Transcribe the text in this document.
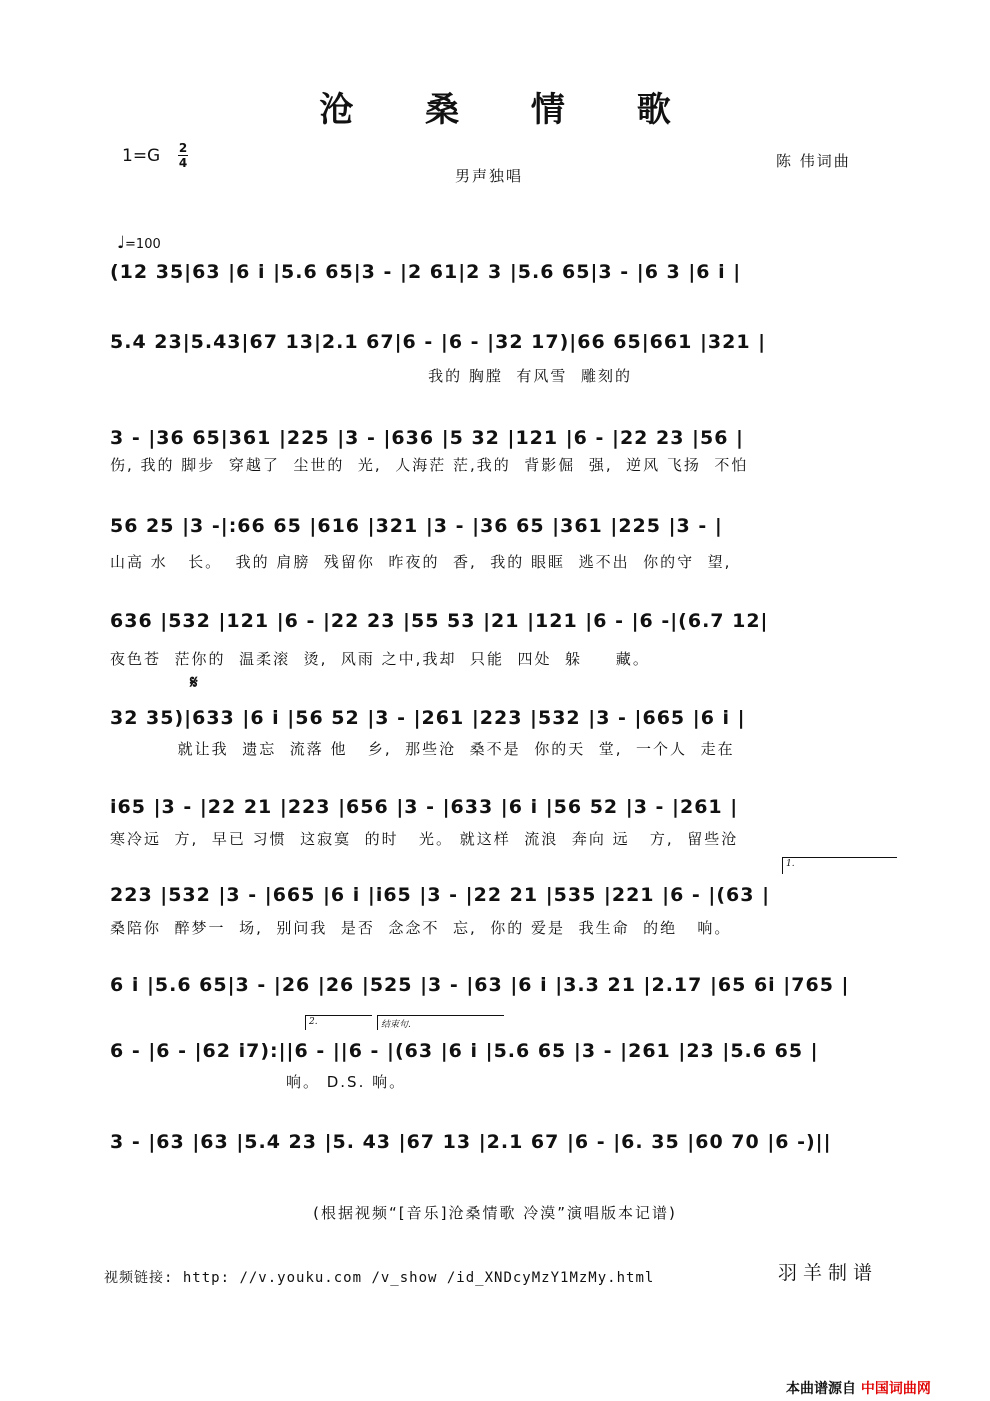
沧 桑 情 歌
1=G 2
4
男声独唱
陈 伟词曲
♩=100
𝄋
(12 35|63 |6 i |5.6 65|3 - |2 61|2 3 |5.6 65|3 - |6 3 |6 i |
5.4 23|5.43|67 13|2.1 67|6 - |6 - |32 17)|66 65|661 |321 |
我的 胸膛  有风雪  雕刻的
3 - |36 65|361 |225 |3 - |636 |5 32 |121 |6 - |22 23 |56 |
伤, 我的 脚步  穿越了  尘世的  光,  人海茫 茫,我的  背影倔  强,  逆风 飞扬  不怕
56 25 |3 -|:66 65 |616 |321 |3 - |36 65 |361 |225 |3 - |
山高 水   长。  我的 肩膀  残留你  昨夜的  香,  我的 眼眶  逃不出  你的守  望,
636 |532 |121 |6 - |22 23 |55 53 |21 |121 |6 - |6 -|(6.7 12|
夜色苍  茫你的  温柔滚  烫,  风雨 之中,我却  只能  四处  躲     藏。
32 35)|633 |6 i |56 52 |3 - |261 |223 |532 |3 - |665 |6 i |
就让我  遗忘  流落 他   乡,  那些沧  桑不是  你的天  堂,  一个人  走在
i65 |3 - |22 21 |223 |656 |3 - |633 |6 i |56 52 |3 - |261 |
寒冷远  方,  早已 习惯  这寂寞  的时   光。 就这样  流浪  奔向 远   方,  留些沧
1.
223 |532 |3 - |665 |6 i |i65 |3 - |22 21 |535 |221 |6 - |(63 |
桑陪你  醉梦一  场,  别问我  是否  念念不  忘,  你的 爱是  我生命  的绝   响。
6 i |5.6 65|3 - |26 |26 |525 |3 - |63 |6 i |3.3 21 |2.17 |65 6i |765 |
2.	结束句.
6 - |6 - |62 i7):||6 - ||6 - |(63 |6 i |5.6 65 |3 - |261 |23 |5.6 65 |
响。 D.S. 响。
3 - |63 |63 |5.4 23 |5. 43 |67 13 |2.1 67 |6 - |6. 35 |60 70 |6 -)||
(根据视频“[音乐]沧桑情歌 冷漠”演唱版本记谱)
视频链接: http: //v.youku.com /v_show /id_XNDcyMzY1MzMy.html	羽羊制谱
本曲谱源自 中国词曲网
